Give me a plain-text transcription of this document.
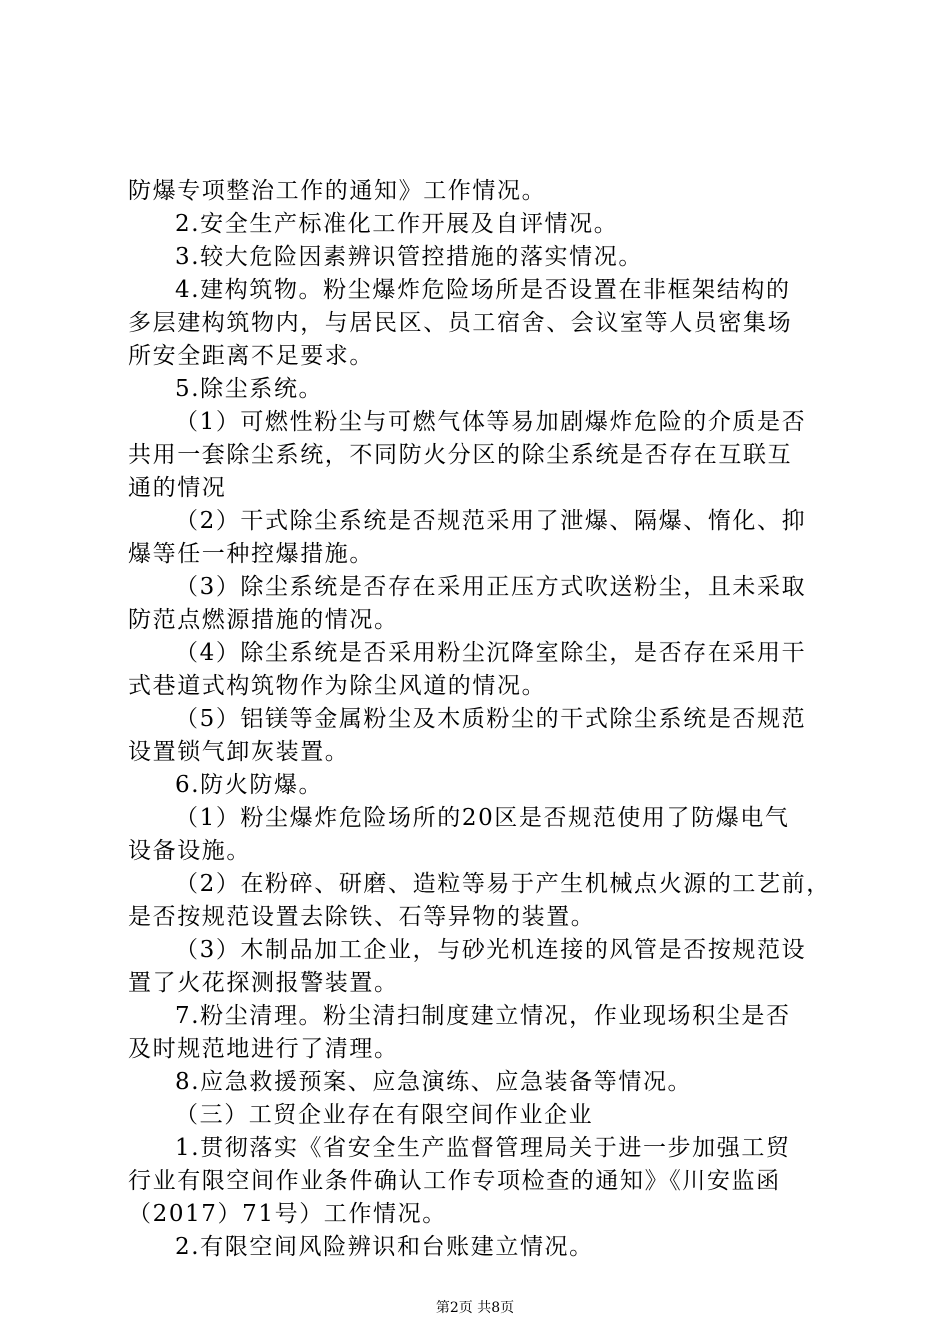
防爆专项整治工作的通知》工作情况。
2.安全生产标准化工作开展及自评情况。
3.较大危险因素辨识管控措施的落实情况。
4.建构筑物。粉尘爆炸危险场所是否设置在非框架结构的
多层建构筑物内，与居民区、员工宿舍、会议室等人员密集场
所安全距离不足要求。
5.除尘系统。
（1）可燃性粉尘与可燃气体等易加剧爆炸危险的介质是否
共用一套除尘系统，不同防火分区的除尘系统是否存在互联互
通的情况
（2）干式除尘系统是否规范采用了泄爆、隔爆、惰化、抑
爆等任一种控爆措施。
（3）除尘系统是否存在采用正压方式吹送粉尘，且未采取
防范点燃源措施的情况。
（4）除尘系统是否采用粉尘沉降室除尘，是否存在采用干
式巷道式构筑物作为除尘风道的情况。
（5）铝镁等金属粉尘及木质粉尘的干式除尘系统是否规范
设置锁气卸灰装置。
6.防火防爆。
（1）粉尘爆炸危险场所的20区是否规范使用了防爆电气
设备设施。
（2）在粉碎、研磨、造粒等易于产生机械点火源的工艺前，
是否按规范设置去除铁、石等异物的装置。
（3）木制品加工企业，与砂光机连接的风管是否按规范设
置了火花探测报警装置。
7.粉尘清理。粉尘清扫制度建立情况，作业现场积尘是否
及时规范地进行了清理。
8.应急救援预案、应急演练、应急装备等情况。
（三）工贸企业存在有限空间作业企业
1.贯彻落实《省安全生产监督管理局关于进一步加强工贸
行业有限空间作业条件确认工作专项检查的通知》《川安监函
（2017）71号）工作情况。
2.有限空间风险辨识和台账建立情况。
第2页 共8页
